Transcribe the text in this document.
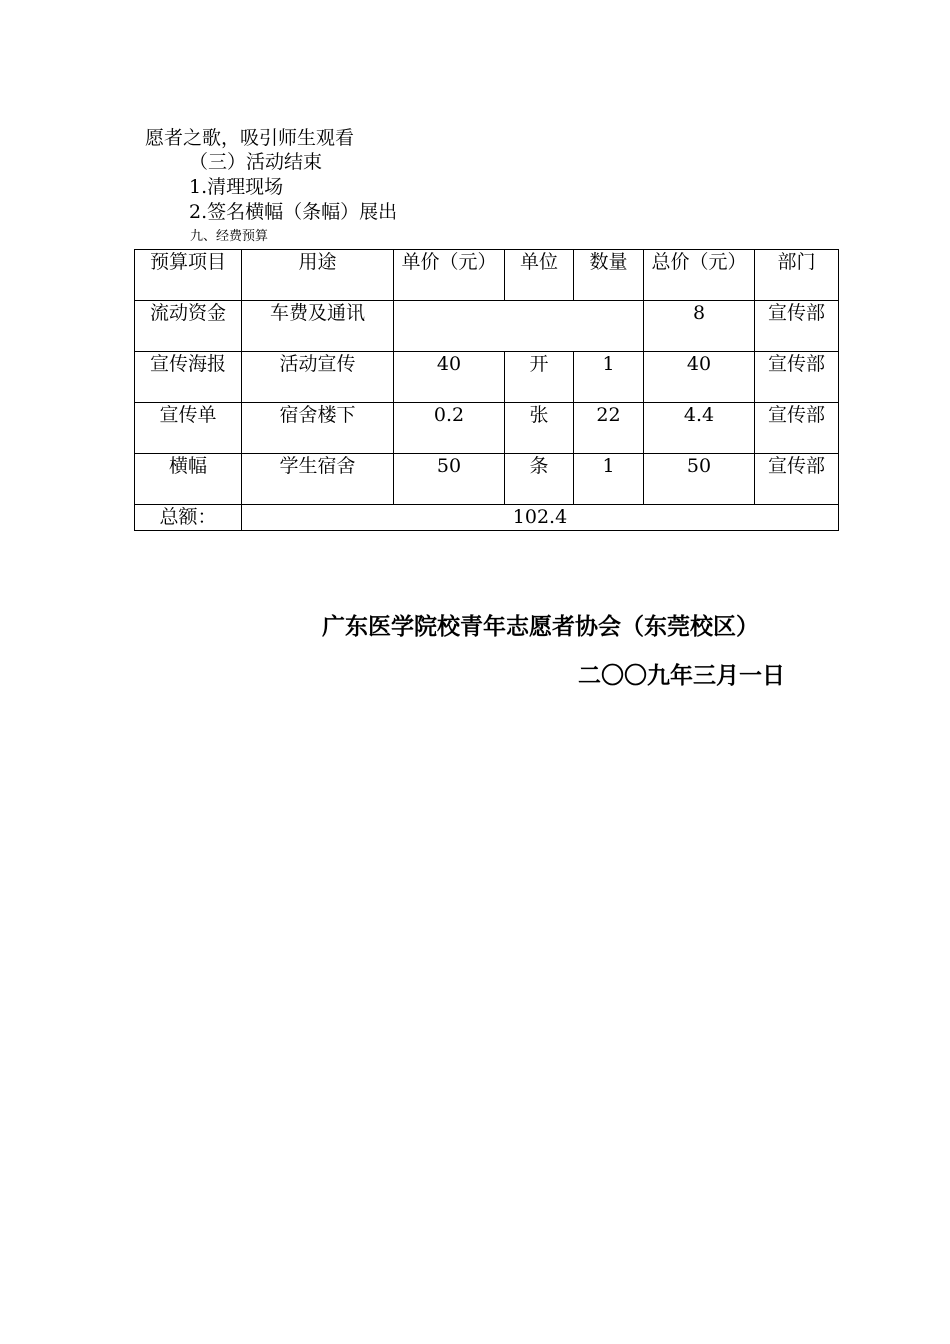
愿者之歌，吸引师生观看
（三）活动结束
1.清理现场
2.签名横幅（条幅）展出
九、经费预算
预算项目	用途	单价（元）	单位	数量	总价（元）	部门
流动资金	车费及通讯				8	宣传部
宣传海报	活动宣传	40	开	1	40	宣传部
宣传单	宿舍楼下	0.2	张	22	4.4	宣传部
横幅	学生宿舍	50	条	1	50	宣传部
总额：	102.4					
广东医学院校青年志愿者协会（东莞校区）
二〇〇九年三月一日
